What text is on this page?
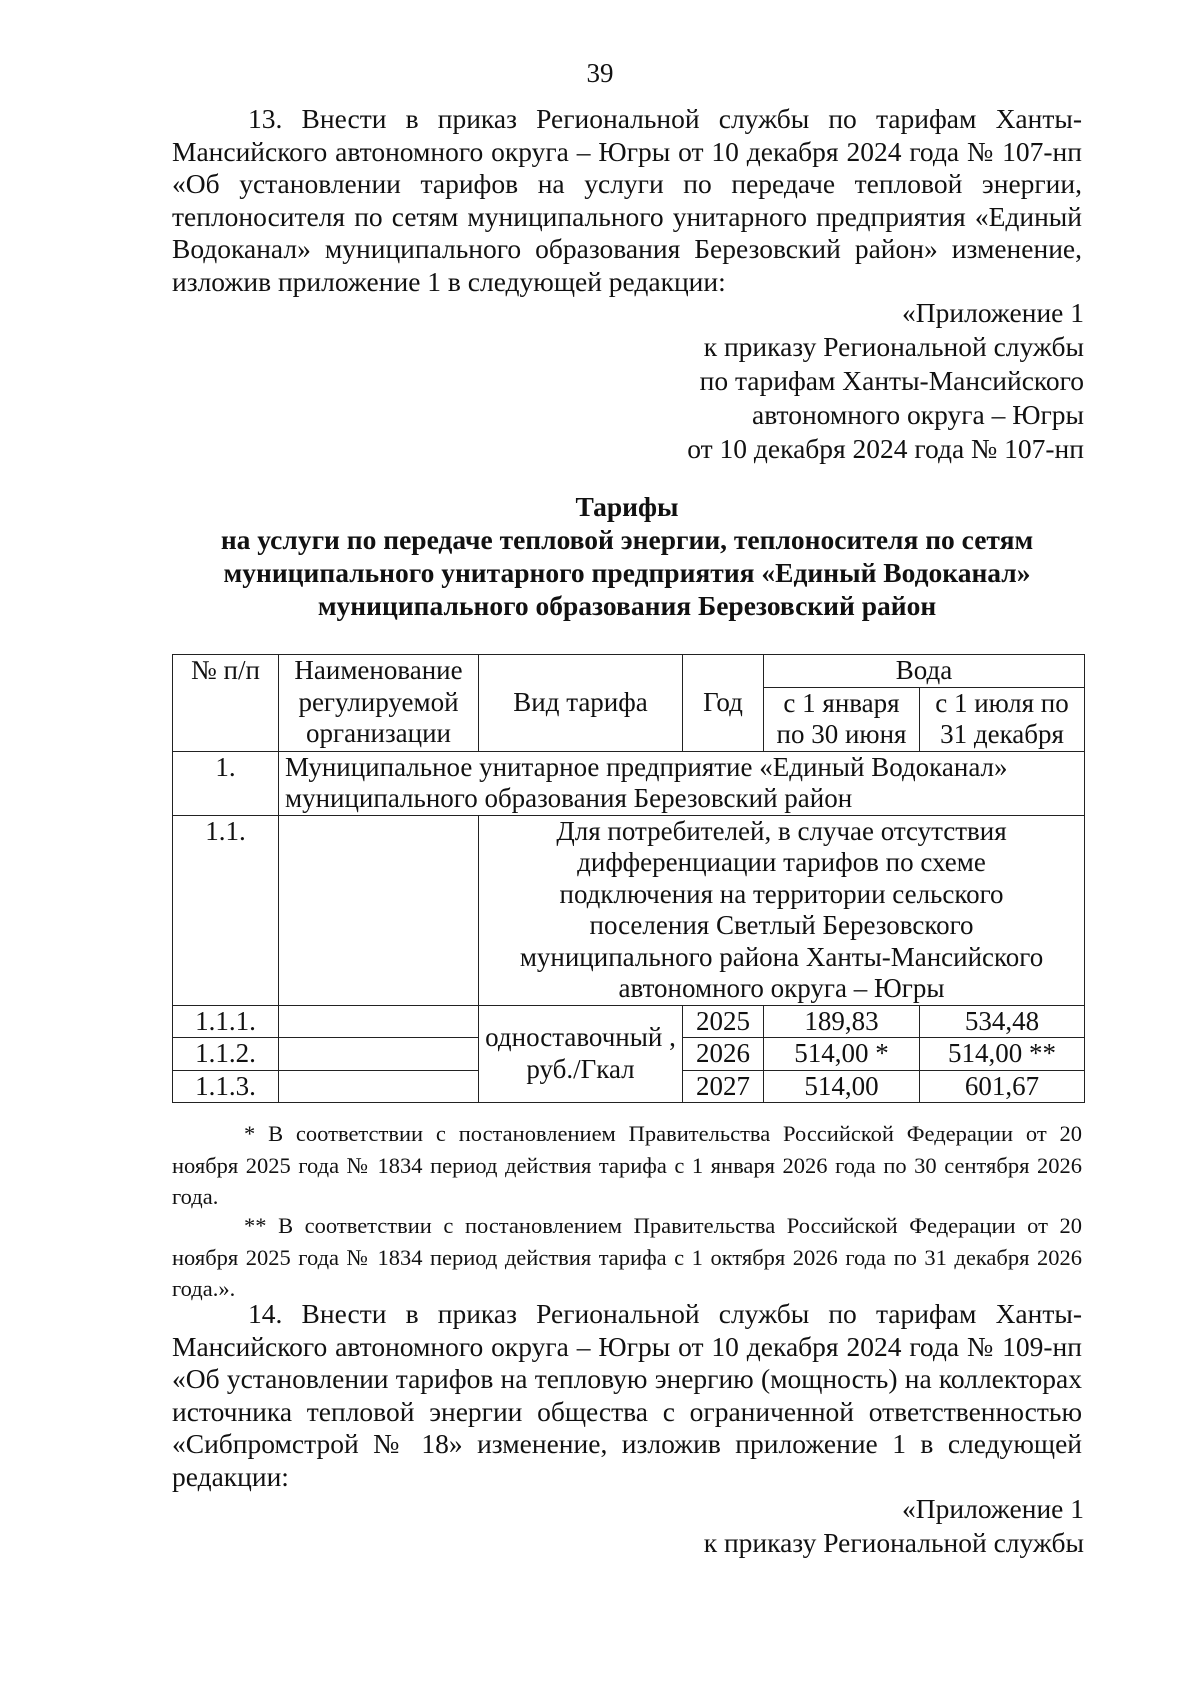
39

13. Внести в приказ Региональной службы по тарифам Ханты-Мансийского автономного округа – Югры от 10 декабря 2024 года № 107-нп «Об установлении тарифов на услуги по передаче тепловой энергии, теплоносителя по сетям муниципального унитарного предприятия «Единый Водоканал» муниципального образования Березовский район» изменение, изложив приложение 1 в следующей редакции:

«Приложение 1
к приказу Региональной службы
по тарифам Ханты-Мансийского
автономного округа – Югры
от 10 декабря 2024 года № 107-нп
Тарифы
на услуги по передаче тепловой энергии, теплоносителя по сетям
муниципального унитарного предприятия «Единый Водоканал»
муниципального образования Березовский район
№ п/п	Наименование регулируемой организации	Вид тарифа	Год	Вода	
				с 1 января по 30 июня	с 1 июля по 31 декабря
1.	Муниципальное унитарное предприятие «Единый Водоканал» муниципального образования Березовский район				
1.1.		Для потребителей, в случае отсутствия дифференциации тарифов по схеме подключения на территории сельского поселения Светлый Березовского муниципального района Ханты-Мансийского автономного округа – Югры			
1.1.1.		одноставочный , руб./Гкал	2025	189,83	534,48
1.1.2.			2026	514,00 *	514,00 **
1.1.3.			2027	514,00	601,67

* В соответствии с постановлением Правительства Российской Федерации от 20 ноября 2025 года № 1834 период действия тарифа с 1 января 2026 года по 30 сентября 2026 года.

** В соответствии с постановлением Правительства Российской Федерации от 20 ноября 2025 года № 1834 период действия тарифа с 1 октября 2026 года по 31 декабря 2026 года.».

14. Внести в приказ Региональной службы по тарифам Ханты-Мансийского автономного округа – Югры от 10 декабря 2024 года № 109-нп «Об установлении тарифов на тепловую энергию (мощность) на коллекторах источника тепловой энергии общества с ограниченной ответственностью «Сибпромстрой № 18» изменение, изложив приложение 1 в следующей редакции:

«Приложение 1
к приказу Региональной службы
